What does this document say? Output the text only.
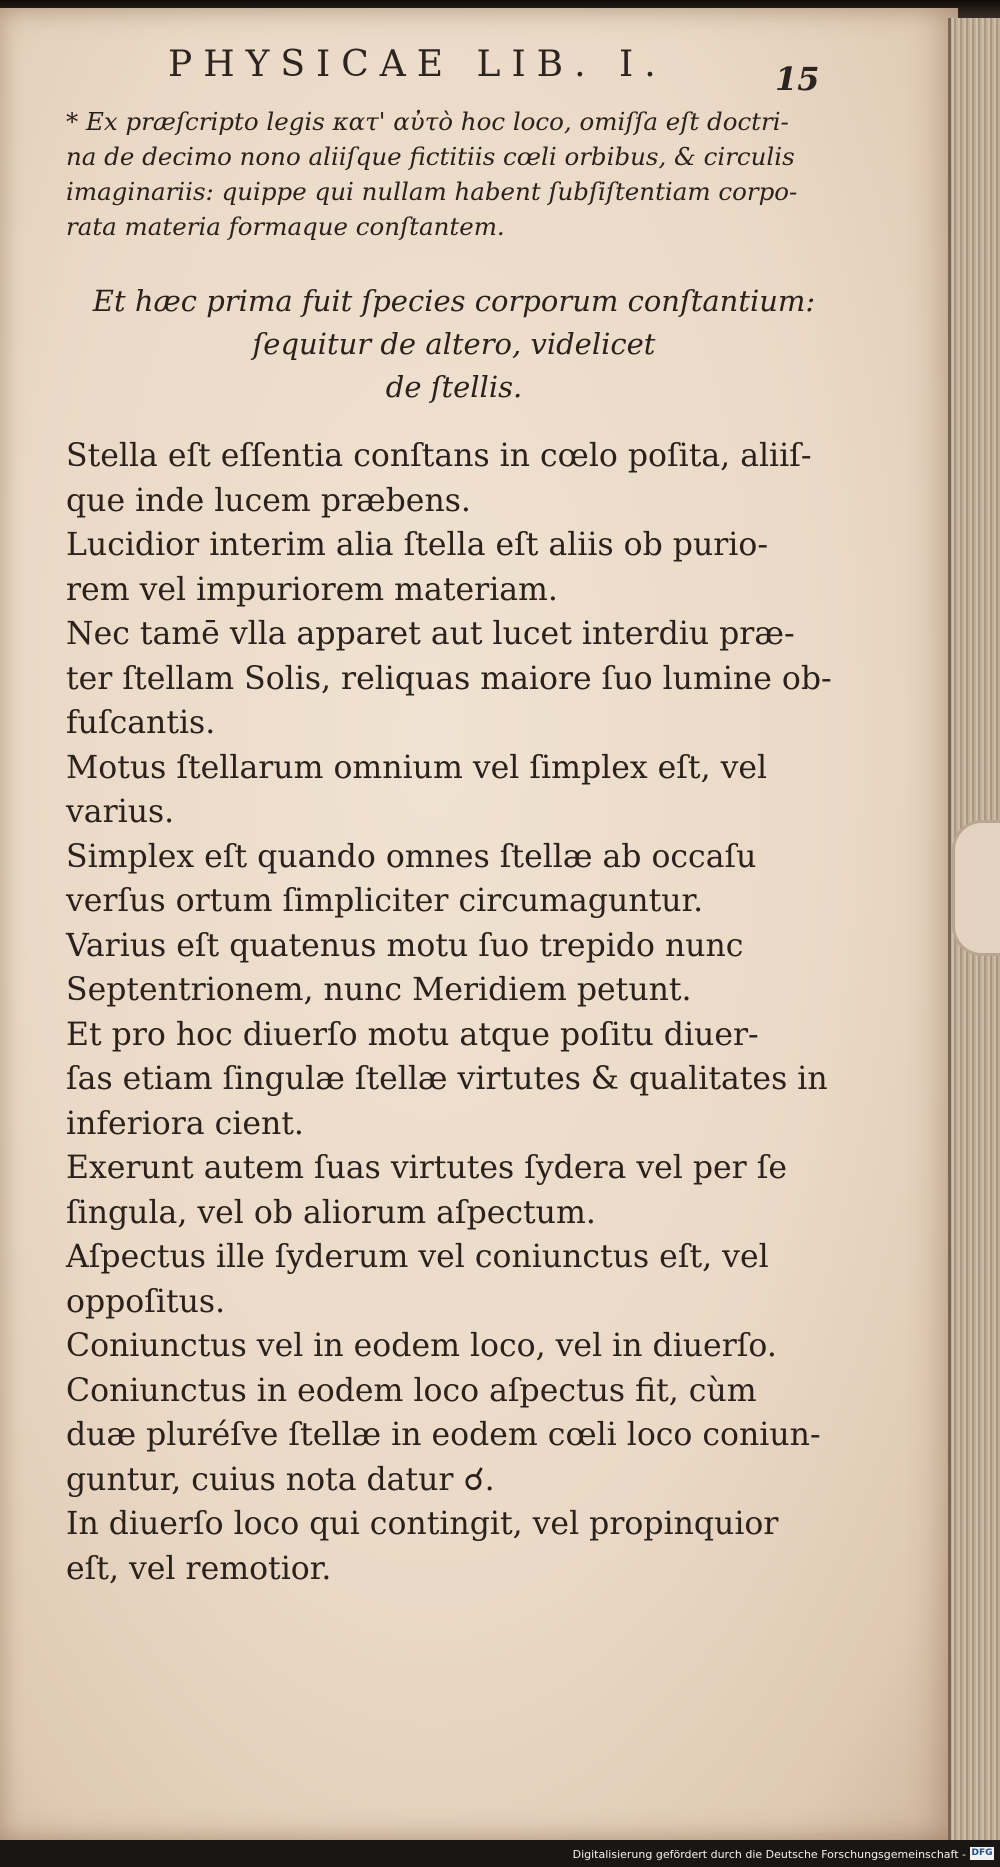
PHYSICAE LIB. I.	15
* Ex præſcripto legis κατ' αὐτὸ hoc loco, omiſſa eſt doctri-
na de decimo nono aliiſque fictitiis cœli orbibus, & circulis
imaginariis: quippe qui nullam habent ſubſiſtentiam corpo-
rata materia formaque conſtantem.
Et hæc prima fuit ſpecies corporum conſtantium:
ſequitur de altero, videlicet
de ſtellis.
Stella eſt eſſentia conſtans in cœlo poſita, aliiſ-
que inde lucem præbens.
Lucidior interim alia ſtella eſt aliis ob purio-
rem vel impuriorem materiam.
Nec tamē vlla apparet aut lucet interdiu præ-
ter ſtellam Solis, reliquas maiore ſuo lumine ob-
fuſcantis.
Motus ſtellarum omnium vel ſimplex eſt, vel
varius.
Simplex eſt quando omnes ſtellæ ab occaſu
verſus ortum ſimpliciter circumaguntur.
Varius eſt quatenus motu ſuo trepido nunc
Septentrionem, nunc Meridiem petunt.
Et pro hoc diuerſo motu atque poſitu diuer-
ſas etiam ſingulæ ſtellæ virtutes & qualitates in
inferiora cient.
Exerunt autem ſuas virtutes ſydera vel per ſe
ſingula, vel ob aliorum aſpectum.
Aſpectus ille ſyderum vel coniunctus eſt, vel
oppoſitus.
Coniunctus vel in eodem loco, vel in diuerſo.
Coniunctus in eodem loco aſpectus fit, cùm
duæ pluréſve ſtellæ in eodem cœli loco coniun-
guntur, cuius nota datur ☌.
In diuerſo loco qui contingit, vel propinquior
eſt, vel remotior.
Digitalisierung gefördert durch die Deutsche Forschungsgemeinschaft - DFG
